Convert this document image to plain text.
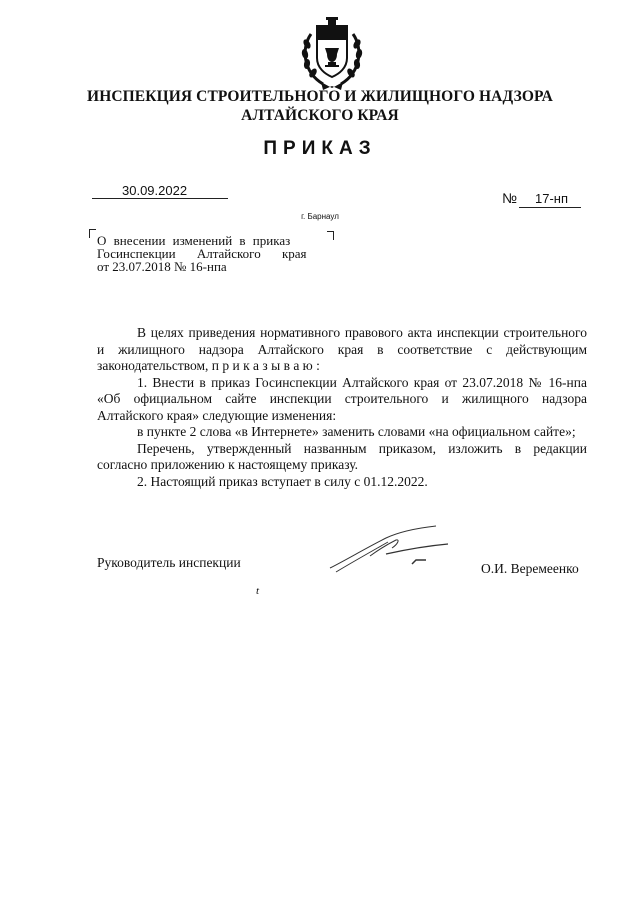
ИНСПЕКЦИЯ СТРОИТЕЛЬНОГО И ЖИЛИЩНОГО НАДЗОРА
АЛТАЙСКОГО КРАЯ
ПРИКАЗ
30.09.2022	№ 17-нп
г. Барнаул
О внесении изменений в приказ
Госинспекции Алтайского края
от 23.07.2018 № 16-нпа

В целях приведения нормативного правового акта инспекции строительного и жилищного надзора Алтайского края в соответствие с действующим законодательством, п р и к а з ы в а ю :

1. Внести в приказ Госинспекции Алтайского края от 23.07.2018 № 16-нпа «Об официальном сайте инспекции строительного и жилищного надзора Алтайского края» следующие изменения:

в пункте 2 слова «в Интернете» заменить словами «на официальном сайте»;

Перечень, утвержденный названным приказом, изложить в редакции согласно приложению к настоящему приказу.

2. Настоящий приказ вступает в силу с 01.12.2022.

Руководитель инспекции	О.И. Веремеенко
t
